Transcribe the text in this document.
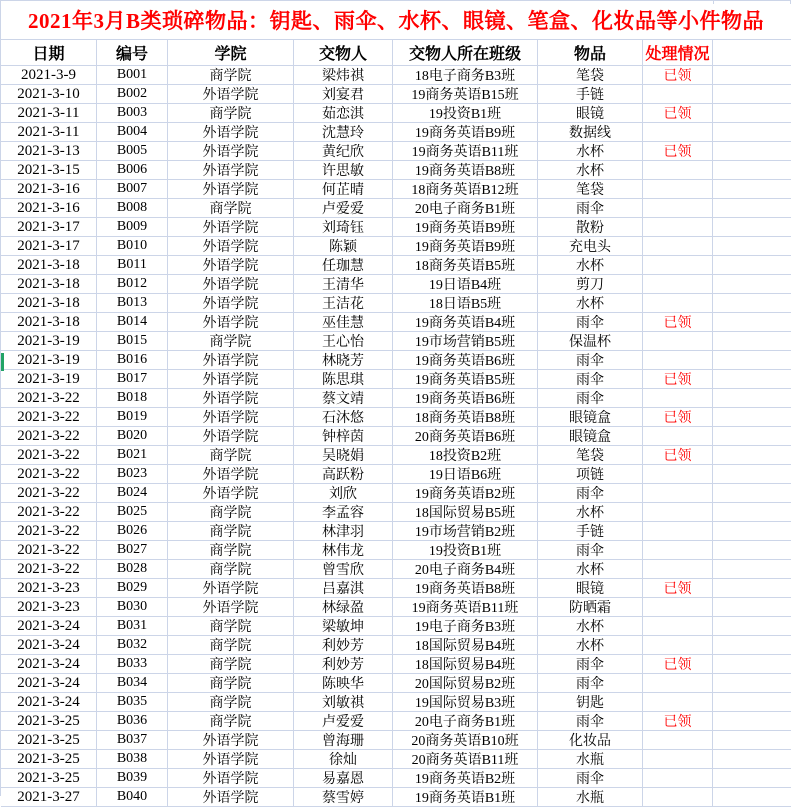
2021年3月B类琐碎物品：钥匙、雨伞、水杯、眼镜、笔盒、化妆品等小件物品
日期	编号	学院	交物人	交物人所在班级	物品	处理情况
2021-3-9	B001	商学院	梁炜祺	18电子商务B3班	笔袋	已领
2021-3-10	B002	外语学院	刘宴君	19商务英语B15班	手链
2021-3-11	B003	商学院	茹恋淇	19投资B1班	眼镜	已领
2021-3-11	B004	外语学院	沈慧玲	19商务英语B9班	数据线
2021-3-13	B005	外语学院	黄纪欣	19商务英语B11班	水杯	已领
2021-3-15	B006	外语学院	许思敏	19商务英语B8班	水杯
2021-3-16	B007	外语学院	何芷晴	18商务英语B12班	笔袋
2021-3-16	B008	商学院	卢爱爱	20电子商务B1班	雨伞
2021-3-17	B009	外语学院	刘琦钰	19商务英语B9班	散粉
2021-3-17	B010	外语学院	陈颖	19商务英语B9班	充电头
2021-3-18	B011	外语学院	任珈慧	18商务英语B5班	水杯
2021-3-18	B012	外语学院	王清华	19日语B4班	剪刀
2021-3-18	B013	外语学院	王洁花	18日语B5班	水杯
2021-3-18	B014	外语学院	巫佳慧	19商务英语B4班	雨伞	已领
2021-3-19	B015	商学院	王心怡	19市场营销B5班	保温杯
2021-3-19	B016	外语学院	林晓芳	19商务英语B6班	雨伞
2021-3-19	B017	外语学院	陈思琪	19商务英语B5班	雨伞	已领
2021-3-22	B018	外语学院	蔡文靖	19商务英语B6班	雨伞
2021-3-22	B019	外语学院	石沐悠	18商务英语B8班	眼镜盒	已领
2021-3-22	B020	外语学院	钟梓茵	20商务英语B6班	眼镜盒
2021-3-22	B021	商学院	吴晓娟	18投资B2班	笔袋	已领
2021-3-22	B023	外语学院	高跃粉	19日语B6班	项链
2021-3-22	B024	外语学院	刘欣	19商务英语B2班	雨伞
2021-3-22	B025	商学院	李孟容	18国际贸易B5班	水杯
2021-3-22	B026	商学院	林津羽	19市场营销B2班	手链
2021-3-22	B027	商学院	林伟龙	19投资B1班	雨伞
2021-3-22	B028	商学院	曾雪欣	20电子商务B4班	水杯
2021-3-23	B029	外语学院	吕嘉淇	19商务英语B8班	眼镜	已领
2021-3-23	B030	外语学院	林绿盈	19商务英语B11班	防晒霜
2021-3-24	B031	商学院	梁敏坤	19电子商务B3班	水杯
2021-3-24	B032	商学院	利妙芳	18国际贸易B4班	水杯
2021-3-24	B033	商学院	利妙芳	18国际贸易B4班	雨伞	已领
2021-3-24	B034	商学院	陈映华	20国际贸易B2班	雨伞
2021-3-24	B035	商学院	刘敏祺	19国际贸易B3班	钥匙
2021-3-25	B036	商学院	卢爱爱	20电子商务B1班	雨伞	已领
2021-3-25	B037	外语学院	曾海珊	20商务英语B10班	化妆品
2021-3-25	B038	外语学院	徐灿	20商务英语B11班	水瓶
2021-3-25	B039	外语学院	易嘉恩	19商务英语B2班	雨伞
2021-3-27	B040	外语学院	蔡雪婷	19商务英语B1班	水瓶
